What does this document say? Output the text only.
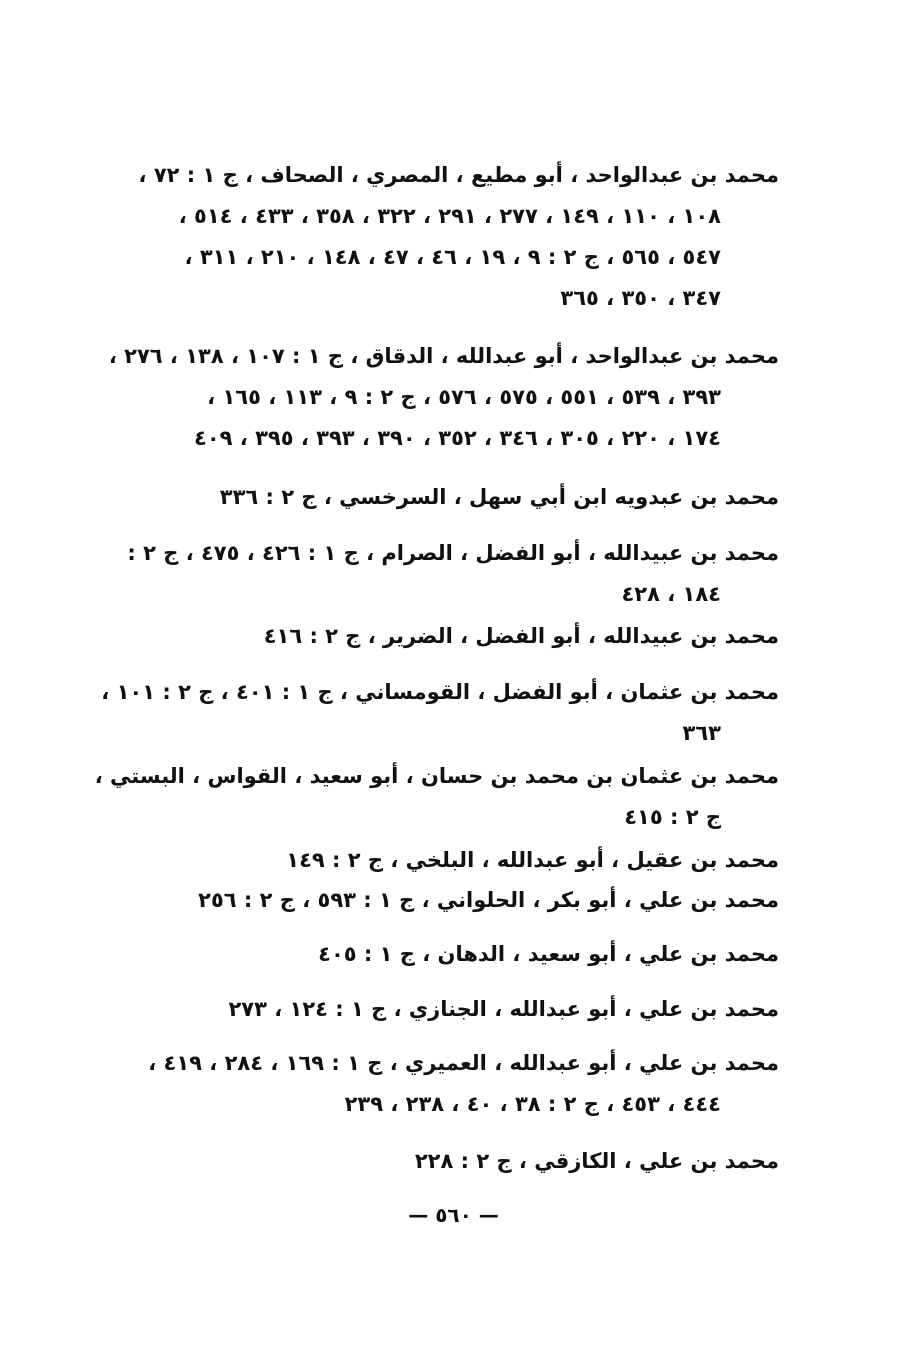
محمد بن عبدالواحد ، أبو مطيع ، المصري ، الصحاف ، ج ١ : ٧٢ ،
١٠٨ ، ١١٠ ، ١٤٩ ، ٢٧٧ ، ٢٩١ ، ٣٢٢ ، ٣٥٨ ، ٤٣٣ ، ٥١٤ ،
٥٤٧ ، ٥٦٥ ، ج ٢ : ٩ ، ١٩ ، ٤٦ ، ٤٧ ، ١٤٨ ، ٢١٠ ، ٣١١ ،
٣٤٧ ، ٣٥٠ ، ٣٦٥
محمد بن عبدالواحد ، أبو عبدالله ، الدقاق ، ج ١ : ١٠٧ ، ١٣٨ ، ٢٧٦ ،
٣٩٣ ، ٥٣٩ ، ٥٥١ ، ٥٧٥ ، ٥٧٦ ، ج ٢ : ٩ ، ١١٣ ، ١٦٥ ،
١٧٤ ، ٢٢٠ ، ٣٠٥ ، ٣٤٦ ، ٣٥٢ ، ٣٩٠ ، ٣٩٣ ، ٣٩٥ ، ٤٠٩
محمد بن عبدويه ابن أبي سهل ، السرخسي ، ج ٢ : ٣٣٦
محمد بن عبيدالله ، أبو الفضل ، الصرام ، ج ١ : ٤٢٦ ، ٤٧٥ ، ج ٢ :
١٨٤ ، ٤٢٨
محمد بن عبيدالله ، أبو الفضل ، الضرير ، ج ٢ : ٤١٦
محمد بن عثمان ، أبو الفضل ، القومساني ، ج ١ : ٤٠١ ، ج ٢ : ١٠١ ،
٣٦٣
محمد بن عثمان بن محمد بن حسان ، أبو سعيد ، القواس ، البستي ،
ج ٢ : ٤١٥
محمد بن عقيل ، أبو عبدالله ، البلخي ، ج ٢ : ١٤٩
محمد بن علي ، أبو بكر ، الحلواني ، ج ١ : ٥٩٣ ، ج ٢ : ٢٥٦
محمد بن علي ، أبو سعيد ، الدهان ، ج ١ : ٤٠٥
محمد بن علي ، أبو عبدالله ، الجنازي ، ج ١ : ١٢٤ ، ٢٧٣
محمد بن علي ، أبو عبدالله ، العميري ، ج ١ : ١٦٩ ، ٢٨٤ ، ٤١٩ ،
٤٤٤ ، ٤٥٣ ، ج ٢ : ٣٨ ، ٤٠ ، ٢٣٨ ، ٢٣٩
محمد بن علي ، الكازقي ، ج ٢ : ٢٢٨
— ٥٦٠ —
